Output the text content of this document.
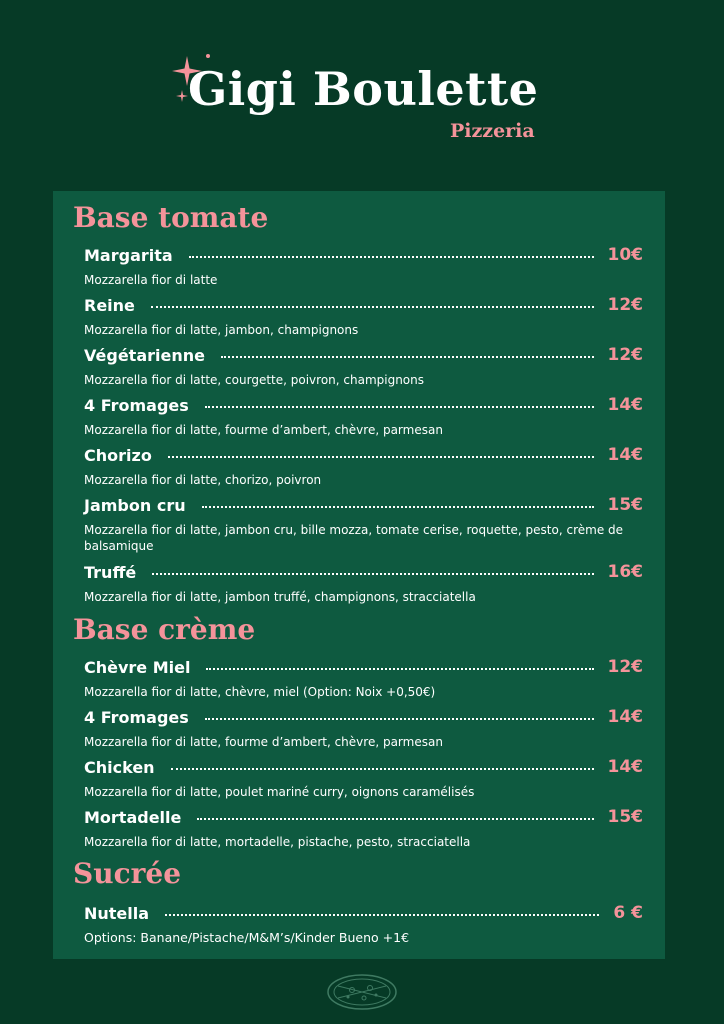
Gigi Boulette
Pizzeria
Base tomate
Margarita	10€
Mozzarella fior di latte
Reine	12€
Mozzarella fior di latte, jambon, champignons
Végétarienne	12€
Mozzarella fior di latte, courgette, poivron, champignons
4 Fromages	14€
Mozzarella fior di latte, fourme d’ambert, chèvre, parmesan
Chorizo	14€
Mozzarella fior di latte, chorizo, poivron
Jambon cru	15€
Mozzarella fior di latte, jambon cru, bille mozza, tomate cerise, roquette, pesto, crème de balsamique
Truffé	16€
Mozzarella fior di latte, jambon truffé, champignons, stracciatella
Base crème
Chèvre Miel	12€
Mozzarella fior di latte, chèvre, miel (Option: Noix +0,50€)
4 Fromages	14€
Mozzarella fior di latte, fourme d’ambert, chèvre, parmesan
Chicken	14€
Mozzarella fior di latte, poulet mariné curry, oignons caramélisés
Mortadelle	15€
Mozzarella fior di latte, mortadelle, pistache, pesto, stracciatella
Sucrée
Nutella	6 €
Options: Banane/Pistache/M&M’s/Kinder Bueno +1€
